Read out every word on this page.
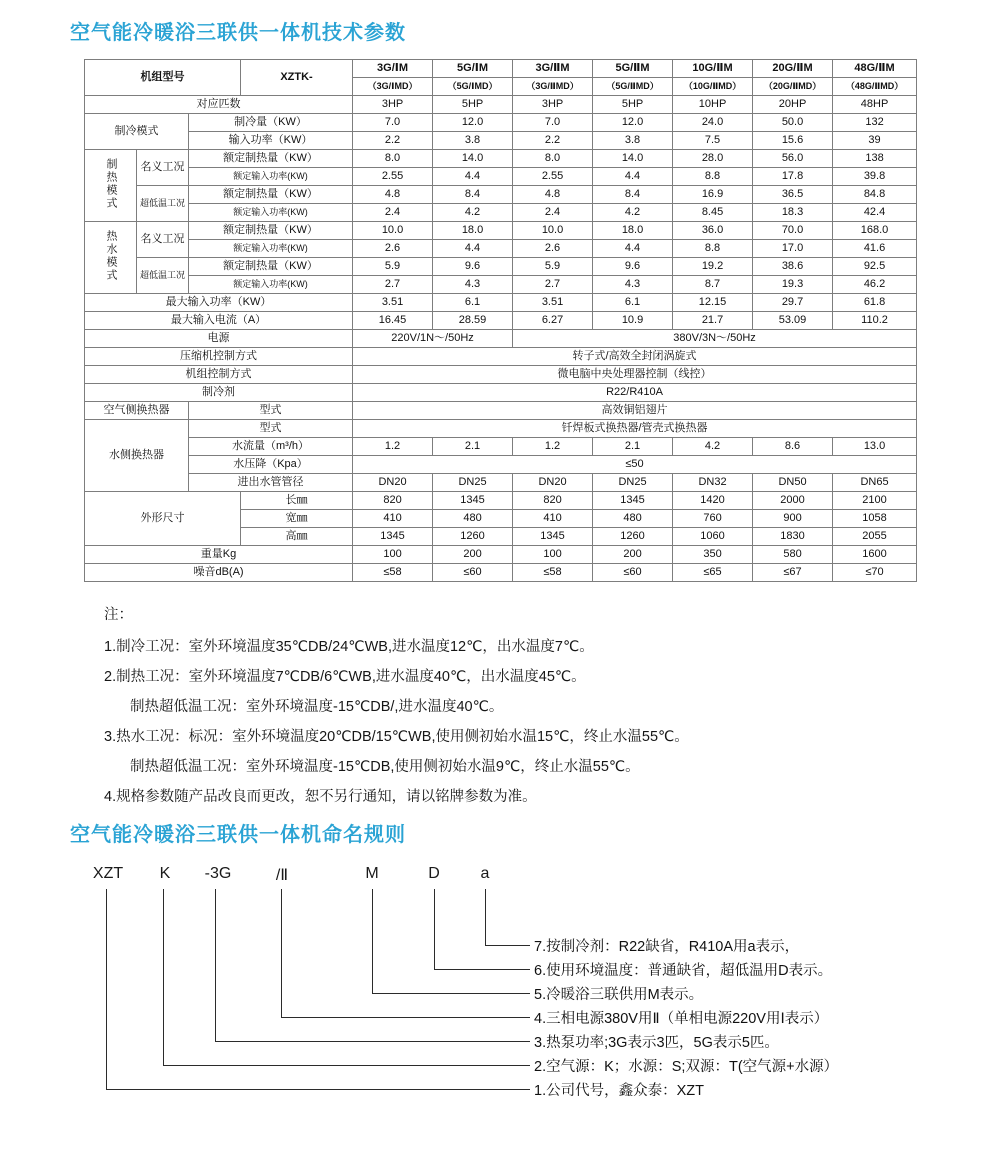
空气能冷暖浴三联供一体机技术参数
机组型号			XZTK-	3G/ⅠM	5G/ⅠM	3G/ⅡM	5G/ⅡM	10G/ⅡM	20G/ⅡM	48G/ⅡM
				（3G/ⅠMD）	（5G/ⅠMD）	（3G/ⅡMD）	（5G/ⅡMD）	（10G/ⅡMD）	（20G/ⅡMD）	（48G/ⅡMD）
对应匹数				3HP	5HP	3HP	5HP	10HP	20HP	48HP
制冷模式		制冷量（KW）		7.0	12.0	7.0	12.0	24.0	50.0	132
		输入功率（KW）		2.2	3.8	2.2	3.8	7.5	15.6	39
制热模式	名义工况	额定制热量（KW）		8.0	14.0	8.0	14.0	28.0	56.0	138
		额定输入功率(KW)		2.55	4.4	2.55	4.4	8.8	17.8	39.8
	超低温工况	额定制热量（KW）		4.8	8.4	4.8	8.4	16.9	36.5	84.8
		额定输入功率(KW)		2.4	4.2	2.4	4.2	8.45	18.3	42.4
热水模式	名义工况	额定制热量（KW）		10.0	18.0	10.0	18.0	36.0	70.0	168.0
		额定输入功率(KW)		2.6	4.4	2.6	4.4	8.8	17.0	41.6
	超低温工况	额定制热量（KW）		5.9	9.6	5.9	9.6	19.2	38.6	92.5
		额定输入功率(KW)		2.7	4.3	2.7	4.3	8.7	19.3	46.2
最大输入功率（KW）				3.51	6.1	3.51	6.1	12.15	29.7	61.8
最大输入电流（A）				16.45	28.59	6.27	10.9	21.7	53.09	110.2
电源				220V/1N～/50Hz		380V/3N～/50Hz				
压缩机控制方式				转子式/高效全封闭涡旋式						
机组控制方式				微电脑中央处理器控制（线控）						
制冷剂				R22/R410A						
空气侧换热器		型式		高效铜铝翅片						
水侧换热器		型式		钎焊板式换热器/管壳式换热器						
		水流量（m³/h）		1.2	2.1	1.2	2.1	4.2	8.6	13.0
		水压降（Kpa）		≤50						
		进出水管管径		DN20	DN25	DN20	DN25	DN32	DN50	DN65
外形尺寸			长㎜	820	1345	820	1345	1420	2000	2100
			宽㎜	410	480	410	480	760	900	1058
			高㎜	1345	1260	1345	1260	1060	1830	2055
重量Kg				100	200	100	200	350	580	1600
噪音dB(A)				≤58	≤60	≤58	≤60	≤65	≤67	≤70
注：
1.制冷工况：室外环境温度35℃DB/24℃WB,进水温度12℃，出水温度7℃。
2.制热工况：室外环境温度7℃DB/6℃WB,进水温度40℃，出水温度45℃。
制热超低温工况：室外环境温度-15℃DB/,进水温度40℃。
3.热水工况：标况：室外环境温度20℃DB/15℃WB,使用侧初始水温15℃，终止水温55℃。
制热超低温工况：室外环境温度-15℃DB,使用侧初始水温9℃，终止水温55℃。
4.规格参数随产品改良而更改，恕不另行通知，请以铭牌参数为准。
空气能冷暖浴三联供一体机命名规则
XZT	K	-3G	/Ⅱ	M	D	a
7.按制冷剂：R22缺省，R410A用a表示，
6.使用环境温度：普通缺省，超低温用D表示。
5.冷暖浴三联供用M表示。
4.三相电源380V用Ⅱ（单相电源220V用Ⅰ表示）
3.热泵功率;3G表示3匹，5G表示5匹。
2.空气源：K；水源：S;双源：T(空气源+水源）
1.公司代号，鑫众泰：XZT
